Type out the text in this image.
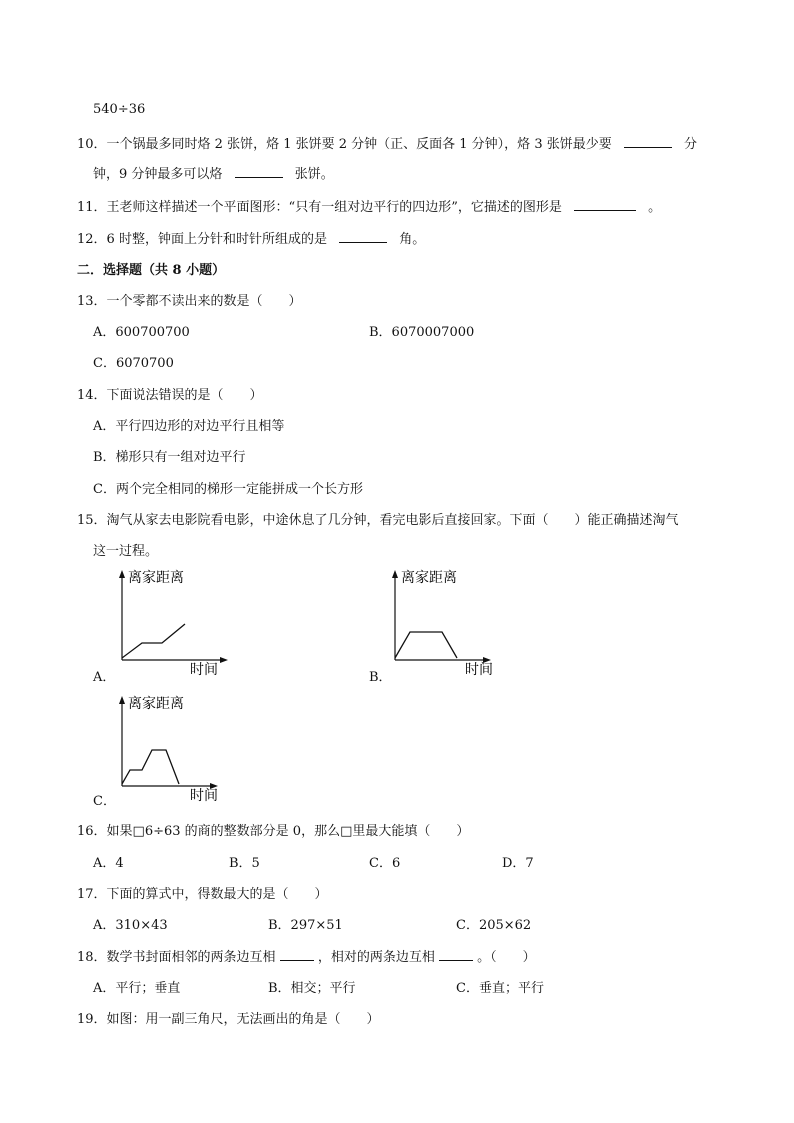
540÷36
10．一个锅最多同时烙 2 张饼，烙 1 张饼要 2 分钟（正、反面各 1 分钟），烙 3 张饼最少要	分
钟，9 分钟最多可以烙	张饼。
11．王老师这样描述一个平面图形：“只有一组对边平行的四边形”，它描述的图形是	。
12．6 时整，钟面上分针和时针所组成的是	角。
二．选择题（共 8 小题）
13．一个零都不读出来的数是（　　）
A．600700700	B．6070007000
C．6070700
14．下面说法错误的是（　　）
A．平行四边形的对边平行且相等
B．梯形只有一组对边平行
C．两个完全相同的梯形一定能拼成一个长方形
15．淘气从家去电影院看电影，中途休息了几分钟，看完电影后直接回家。下面（　　）能正确描述淘气
这一过程。
A．
离家距离
时间	B．
离家距离
时间
C．
离家距离
时间
16．如果□6÷63 的商的整数部分是 0，那么□里最大能填（　　）
A．4	B．5	C．6	D．7
17．下面的算式中，得数最大的是（　　）
A．310×43	B．297×51	C．205×62
18．数学书封面相邻的两条边互相	，相对的两条边互相	。（　　）
A．平行；垂直	B．相交；平行	C．垂直；平行
19．如图：用一副三角尺，无法画出的角是（　　）
